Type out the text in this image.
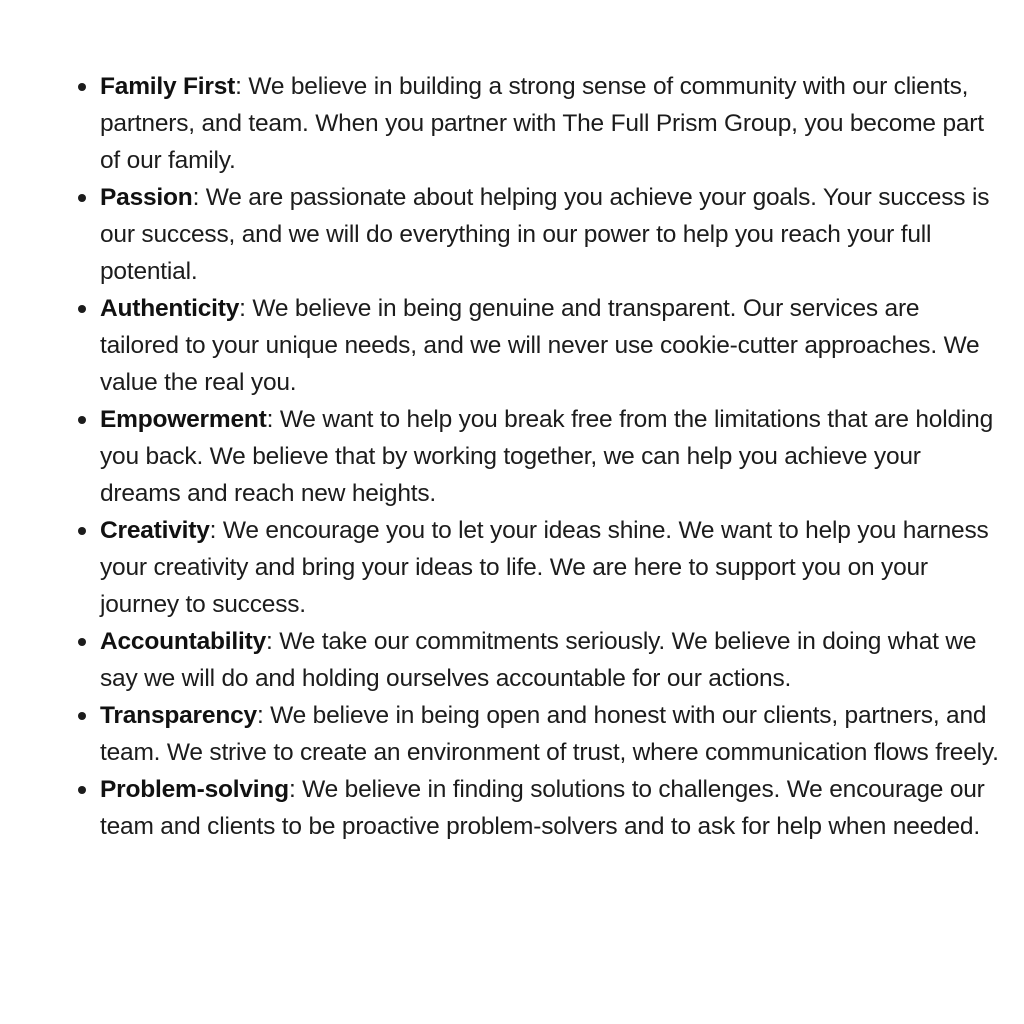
Family First: We believe in building a strong sense of community with our clients, partners, and team. When you partner with The Full Prism Group, you become part of our family.
Passion: We are passionate about helping you achieve your goals. Your success is our success, and we will do everything in our power to help you reach your full potential.
Authenticity: We believe in being genuine and transparent. Our services are tailored to your unique needs, and we will never use cookie-cutter approaches. We value the real you.
Empowerment: We want to help you break free from the limitations that are holding you back. We believe that by working together, we can help you achieve your dreams and reach new heights.
Creativity: We encourage you to let your ideas shine. We want to help you harness your creativity and bring your ideas to life. We are here to support you on your journey to success.
Accountability: We take our commitments seriously. We believe in doing what we say we will do and holding ourselves accountable for our actions.
Transparency: We believe in being open and honest with our clients, partners, and team. We strive to create an environment of trust, where communication flows freely.
Problem-solving: We believe in finding solutions to challenges. We encourage our team and clients to be proactive problem-solvers and to ask for help when needed.
